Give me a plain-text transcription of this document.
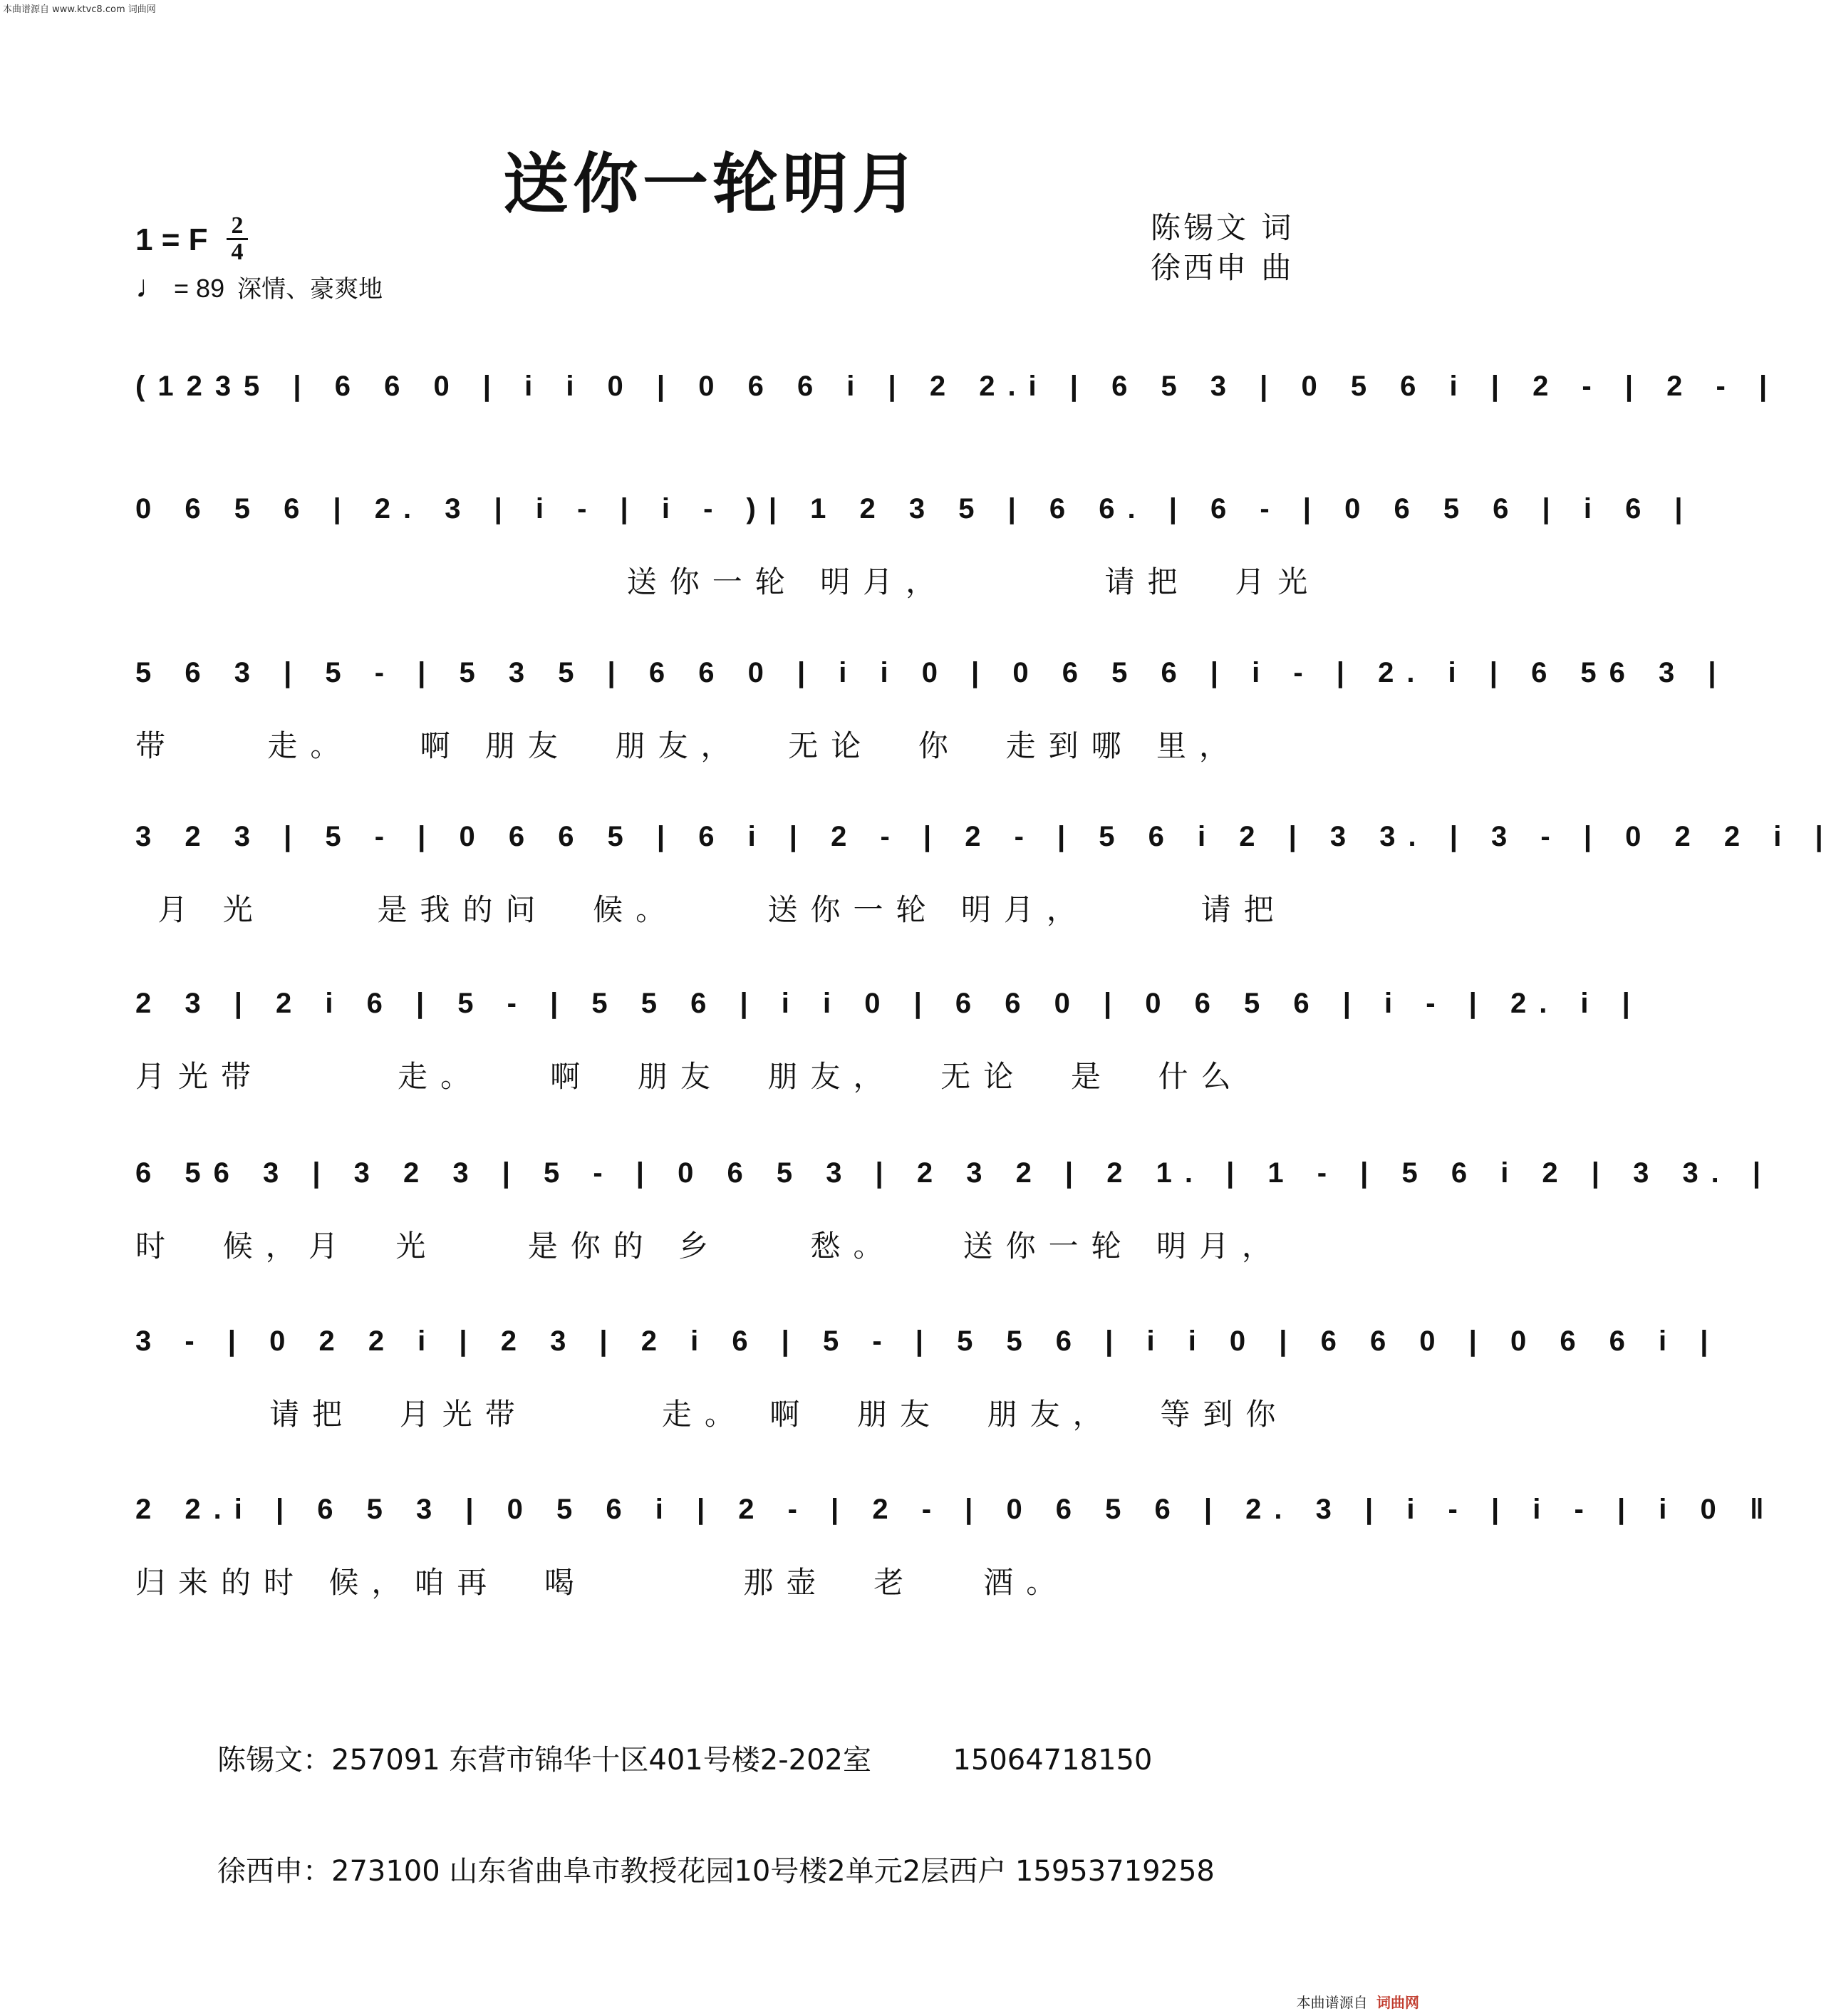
本曲谱源自 www.ktvc8.com 词曲网
送你一轮明月
1 = F 2
4
♩ = 89 深情、豪爽地
陈锡文 词
徐西申 曲
(1235 | 6 6 0 | i i 0 | 0 6 6 i | 2 2.i | 6 5 3 | 0 5 6 i | 2 - | 2 - |
0 6 5 6 | 2. 3 | i - | i - )| 1 2 3 5 | 6 6. | 6 - | 0 6 5 6 | i 6 |
送你一轮 明月，       请把  月光
5 6 3 | 5 - | 5 3 5 | 6 6 0 | i i 0 | 0 6 5 6 | i - | 2. i | 6 56 3 |
带    走。   啊 朋友  朋友，  无论  你  走到哪 里，
3 2 3 | 5 - | 0 6 6 5 | 6 i | 2 - | 2 - | 5 6 i 2 | 3 3. | 3 - | 0 2 2 i |
月 光     是我的问  候。    送你一轮 明月，     请把
2 3 | 2 i 6 | 5 - | 5 5 6 | i i 0 | 6 6 0 | 0 6 5 6 | i - | 2. i |
月光带      走。   啊  朋友  朋友，  无论  是  什么
6 56 3 | 3 2 3 | 5 - | 0 6 5 3 | 2 3 2 | 2 1. | 1 - | 5 6 i 2 | 3 3. |
时  候，月  光    是你的 乡    愁。   送你一轮 明月，
3 - | 0 2 2 i | 2 3 | 2 i 6 | 5 - | 5 5 6 | i i 0 | 6 6 0 | 0 6 6 i |
请把  月光带      走。 啊  朋友  朋友，  等到你
2 2.i | 6 5 3 | 0 5 6 i | 2 - | 2 - | 0 6 5 6 | 2. 3 | i - | i - | i 0 ‖
归来的时 候，咱再  喝       那壶  老   酒。

陈锡文：257091 东营市锦华十区401号楼2-202室         15064718150

徐西申：273100 山东省曲阜市教授花园10号楼2单元2层西户 15953719258

本曲谱源自 词曲网
